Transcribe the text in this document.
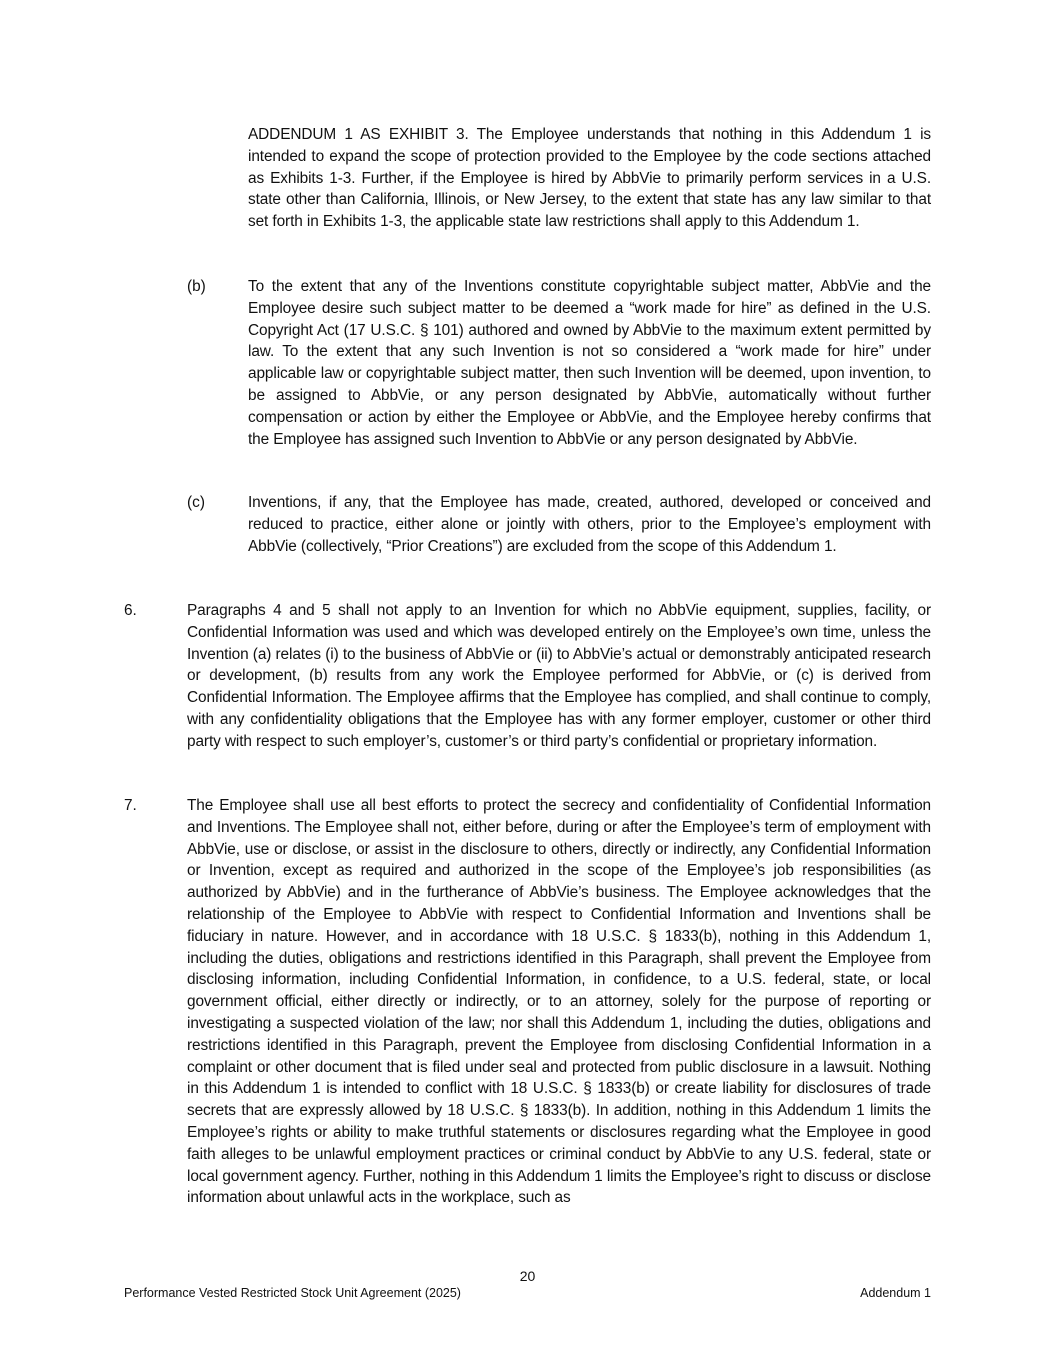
ADDENDUM 1 AS EXHIBIT 3. The Employee understands that nothing in this Addendum 1 is intended to expand the scope of protection provided to the Employee by the code sections attached as Exhibits 1-3. Further, if the Employee is hired by AbbVie to primarily perform services in a U.S. state other than California, Illinois, or New Jersey, to the extent that state has any law similar to that set forth in Exhibits 1-3, the applicable state law restrictions shall apply to this Addendum 1.

(b)	To the extent that any of the Inventions constitute copyrightable subject matter, AbbVie and the Employee desire such subject matter to be deemed a “work made for hire” as defined in the U.S. Copyright Act (17 U.S.C. § 101) authored and owned by AbbVie to the maximum extent permitted by law. To the extent that any such Invention is not so considered a “work made for hire” under applicable law or copyrightable subject matter, then such Invention will be deemed, upon invention, to be assigned to AbbVie, or any person designated by AbbVie, automatically without further compensation or action by either the Employee or AbbVie, and the Employee hereby confirms that the Employee has assigned such Invention to AbbVie or any person designated by AbbVie.

(c)	Inventions, if any, that the Employee has made, created, authored, developed or conceived and reduced to practice, either alone or jointly with others, prior to the Employee’s employment with AbbVie (collectively, “Prior Creations”) are excluded from the scope of this Addendum 1.

6.	Paragraphs 4 and 5 shall not apply to an Invention for which no AbbVie equipment, supplies, facility, or Confidential Information was used and which was developed entirely on the Employee’s own time, unless the Invention (a) relates (i) to the business of AbbVie or (ii) to AbbVie’s actual or demonstrably anticipated research or development, (b) results from any work the Employee performed for AbbVie, or (c) is derived from Confidential Information. The Employee affirms that the Employee has complied, and shall continue to comply, with any confidentiality obligations that the Employee has with any former employer, customer or other third party with respect to such employer’s, customer’s or third party’s confidential or proprietary information.

7.	The Employee shall use all best efforts to protect the secrecy and confidentiality of Confidential Information and Inventions. The Employee shall not, either before, during or after the Employee’s term of employment with AbbVie, use or disclose, or assist in the disclosure to others, directly or indirectly, any Confidential Information or Invention, except as required and authorized in the scope of the Employee’s job responsibilities (as authorized by AbbVie) and in the furtherance of AbbVie’s business. The Employee acknowledges that the relationship of the Employee to AbbVie with respect to Confidential Information and Inventions shall be fiduciary in nature. However, and in accordance with 18 U.S.C. § 1833(b), nothing in this Addendum 1, including the duties, obligations and restrictions identified in this Paragraph, shall prevent the Employee from disclosing information, including Confidential Information, in confidence, to a U.S. federal, state, or local government official, either directly or indirectly, or to an attorney, solely for the purpose of reporting or investigating a suspected violation of the law; nor shall this Addendum 1, including the duties, obligations and restrictions identified in this Paragraph, prevent the Employee from disclosing Confidential Information in a complaint or other document that is filed under seal and protected from public disclosure in a lawsuit. Nothing in this Addendum 1 is intended to conflict with 18 U.S.C. § 1833(b) or create liability for disclosures of trade secrets that are expressly allowed by 18 U.S.C. § 1833(b). In addition, nothing in this Addendum 1 limits the Employee’s rights or ability to make truthful statements or disclosures regarding what the Employee in good faith alleges to be unlawful employment practices or criminal conduct by AbbVie to any U.S. federal, state or local government agency. Further, nothing in this Addendum 1 limits the Employee’s right to discuss or disclose information about unlawful acts in the workplace, such as

20
Performance Vested Restricted Stock Unit Agreement (2025)	Addendum 1
